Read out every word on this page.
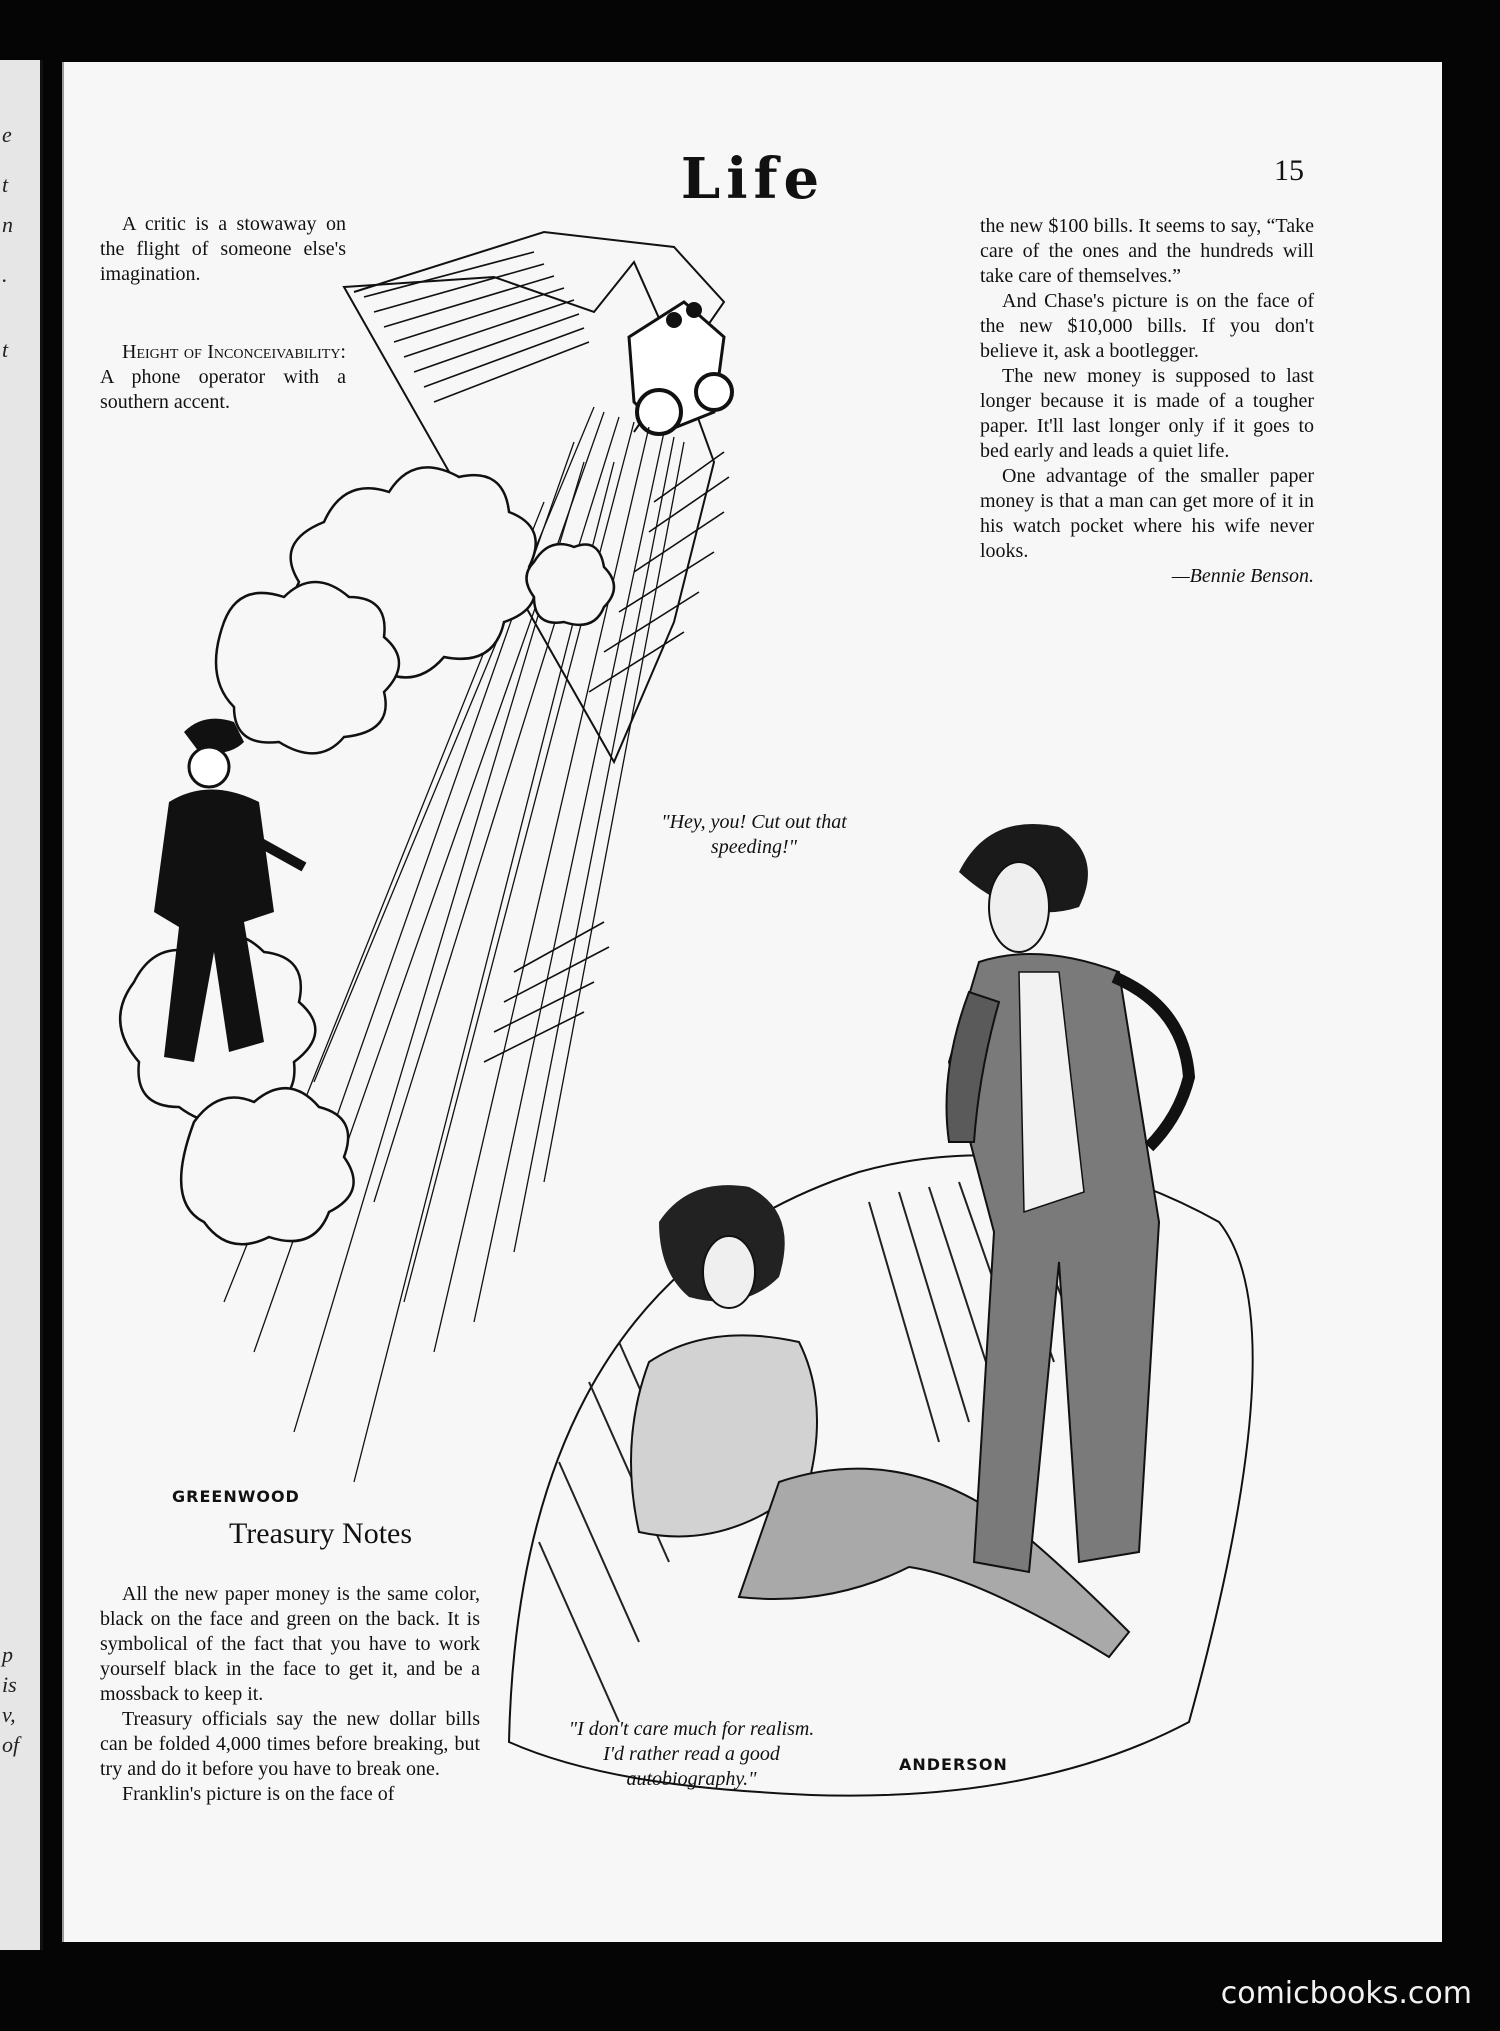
e
t
n
.
t
p
is
v,
of
Life	15

A critic is a stowaway on the flight of someone else's imagination.

Height of Inconceivability: A phone operator with a southern accent.

GREENWOOD
"Hey, you! Cut out that speeding!"

the new $100 bills. It seems to say, “Take care of the ones and the hundreds will take care of themselves.”

And Chase's picture is on the face of the new $10,000 bills. If you don't believe it, ask a bootlegger.

The new money is supposed to last longer because it is made of a tougher paper. It'll last longer only if it goes to bed early and leads a quiet life.

One advantage of the smaller paper money is that a man can get more of it in his watch pocket where his wife never looks.

—Bennie Benson.

ANDERSON
"I don't care much for realism. I'd rather read a good autobiography."
Treasury Notes

All the new paper money is the same color, black on the face and green on the back. It is symbolical of the fact that you have to work yourself black in the face to get it, and be a mossback to keep it.

Treasury officials say the new dollar bills can be folded 4,000 times before breaking, but try and do it before you have to break one.

Franklin's picture is on the face of

comicbooks.com
